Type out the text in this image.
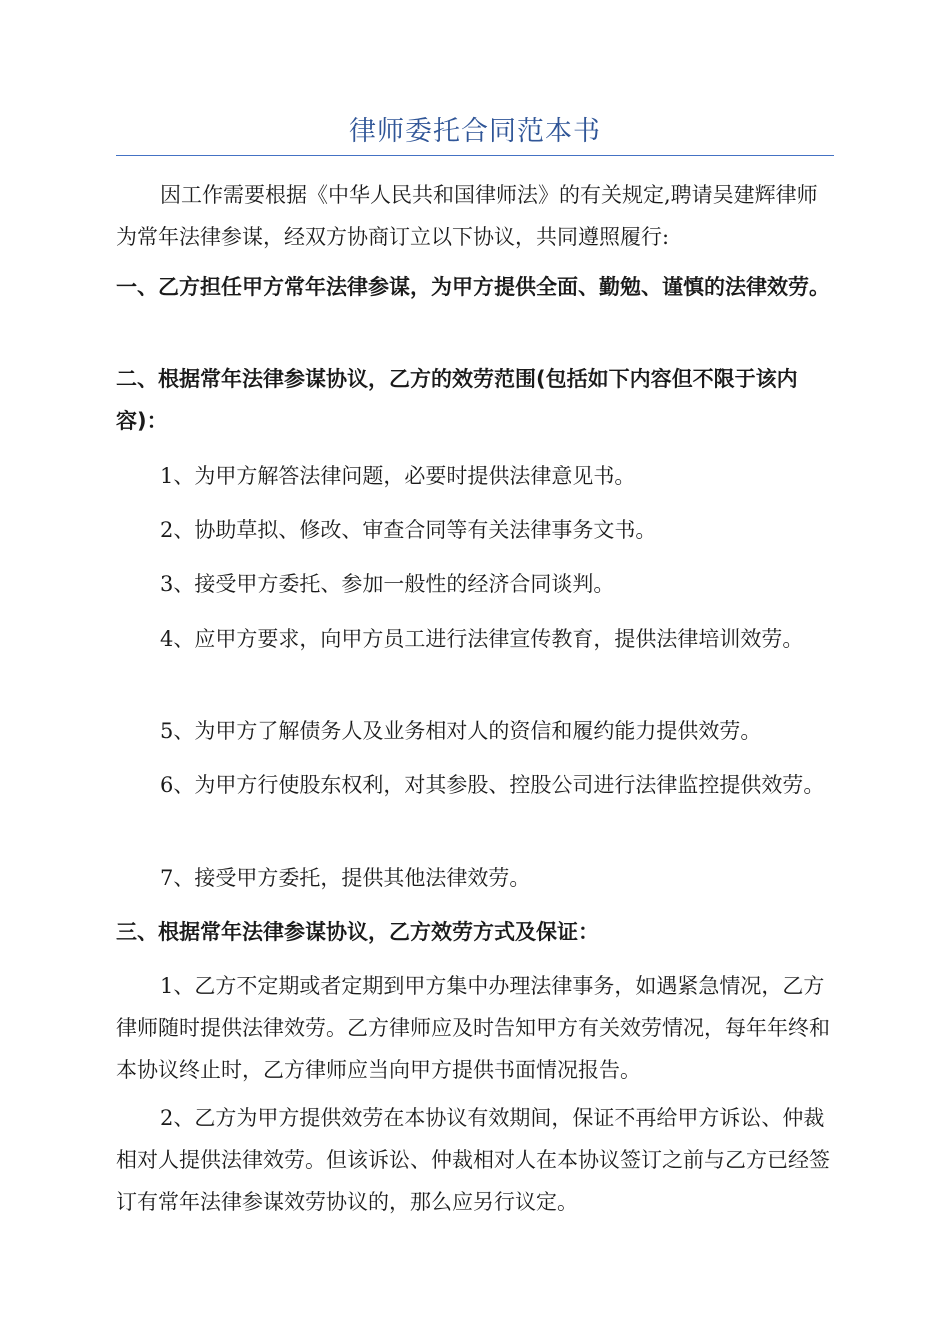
律师委托合同范本书
因工作需要根据《中华人民共和国律师法》的有关规定,聘请吴建辉律师为常年法律参谋，经双方协商订立以下协议，共同遵照履行:
一、乙方担任甲方常年法律参谋，为甲方提供全面、勤勉、谨慎的法律效劳。
二、根据常年法律参谋协议，乙方的效劳范围(包括如下内容但不限于该内容)：
1、为甲方解答法律问题，必要时提供法律意见书。
2、协助草拟、修改、审查合同等有关法律事务文书。
3、接受甲方委托、参加一般性的经济合同谈判。
4、应甲方要求，向甲方员工进行法律宣传教育，提供法律培训效劳。
5、为甲方了解债务人及业务相对人的资信和履约能力提供效劳。
6、为甲方行使股东权利，对其参股、控股公司进行法律监控提供效劳。
7、接受甲方委托，提供其他法律效劳。
三、根据常年法律参谋协议，乙方效劳方式及保证：
1、乙方不定期或者定期到甲方集中办理法律事务，如遇紧急情况，乙方律师随时提供法律效劳。乙方律师应及时告知甲方有关效劳情况，每年年终和本协议终止时，乙方律师应当向甲方提供书面情况报告。
2、乙方为甲方提供效劳在本协议有效期间，保证不再给甲方诉讼、仲裁相对人提供法律效劳。但该诉讼、仲裁相对人在本协议签订之前与乙方已经签订有常年法律参谋效劳协议的，那么应另行议定。
